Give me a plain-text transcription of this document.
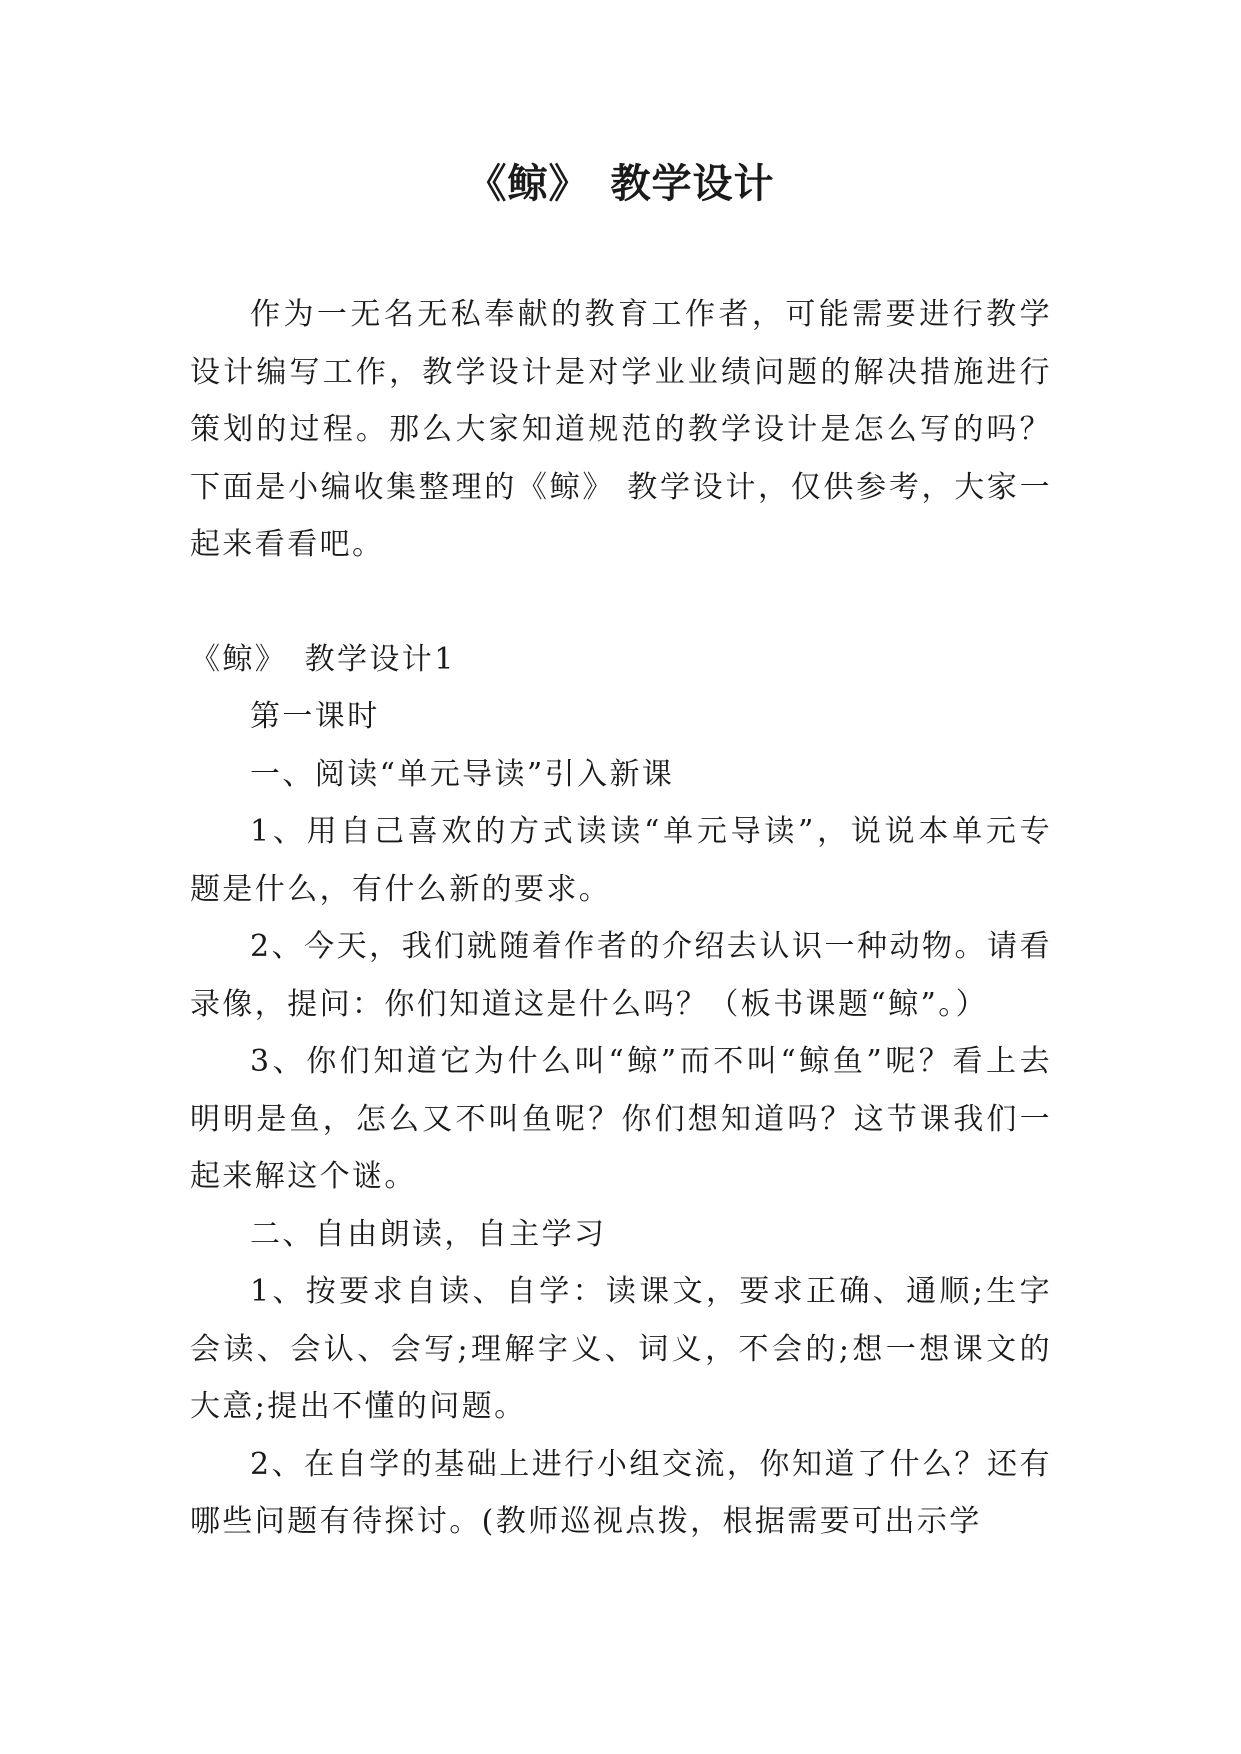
《鲸》　教学设计

作为一无名无私奉献的教育工作者，可能需要进行教学设计编写工作，教学设计是对学业业绩问题的解决措施进行策划的过程。那么大家知道规范的教学设计是怎么写的吗？下面是小编收集整理的《鲸》 教学设计，仅供参考，大家一起来看看吧。

《鲸》　教学设计1

第一课时

一、阅读“单元导读”引入新课

1、用自己喜欢的方式读读“单元导读”，说说本单元专题是什么，有什么新的要求。

2、今天，我们就随着作者的介绍去认识一种动物。请看录像，提问：你们知道这是什么吗？（板书课题“鲸”。）

3、你们知道它为什么叫“鲸”而不叫“鲸鱼”呢？看上去明明是鱼，怎么又不叫鱼呢？你们想知道吗？这节课我们一起来解这个谜。

二、自由朗读，自主学习

1、按要求自读、自学：读课文，要求正确、通顺;生字会读、会认、会写;理解字义、词义，不会的;想一想课文的大意;提出不懂的问题。

2、在自学的基础上进行小组交流，你知道了什么？还有哪些问题有待探讨。(教师巡视点拨，根据需要可出示学
